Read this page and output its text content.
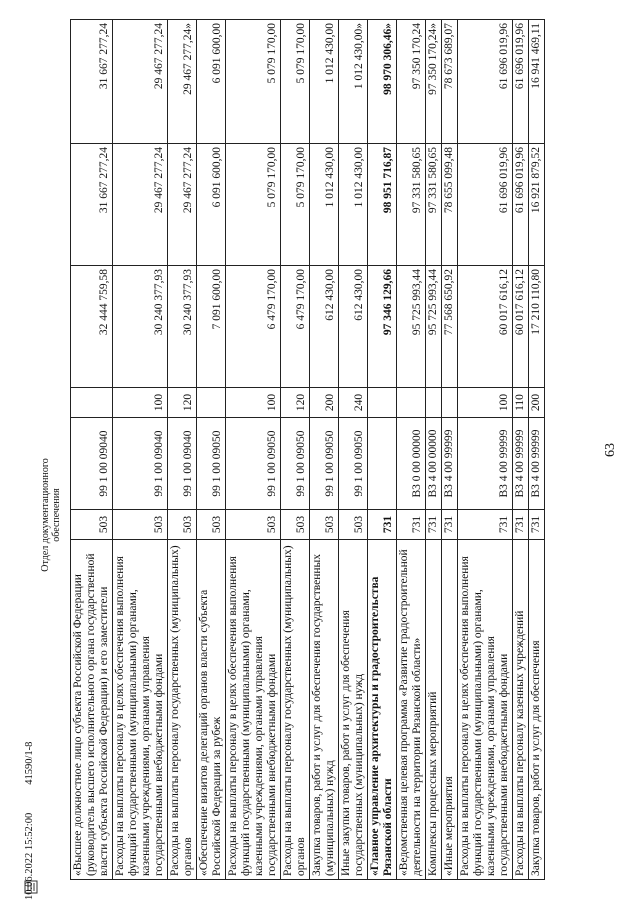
63
«Высшее должностное лицо субъекта Российской Федерации (руководитель высшего исполнительного органа государственной власти субъекта Российской Федерации) и его заместители	503	99 1 00 09040		32 444 759,58	31 667 277,24	31 667 277,24
Расходы на выплаты персоналу в целях обеспечения выполнения функций государственными (муниципальными) органами, казенными учреждениями, органами управления государственными внебюджетными фондами	503	99 1 00 09040	100	30 240 377,93	29 467 277,24	29 467 277,24
Расходы на выплаты персоналу государственных (муниципальных) органов	503	99 1 00 09040	120	30 240 377,93	29 467 277,24	29 467 277,24»
«Обеспечение визитов делегаций органов власти субъекта Российской Федерации за рубеж	503	99 1 00 09050		7 091 600,00	6 091 600,00	6 091 600,00
Расходы на выплаты персоналу в целях обеспечения выполнения функций государственными (муниципальными) органами, казенными учреждениями, органами управления государственными внебюджетными фондами	503	99 1 00 09050	100	6 479 170,00	5 079 170,00	5 079 170,00
Расходы на выплаты персоналу государственных (муниципальных) органов	503	99 1 00 09050	120	6 479 170,00	5 079 170,00	5 079 170,00
Закупка товаров, работ и услуг для обеспечения государственных (муниципальных) нужд	503	99 1 00 09050	200	612 430,00	1 012 430,00	1 012 430,00
Иные закупки товаров, работ и услуг для обеспечения государственных (муниципальных) нужд	503	99 1 00 09050	240	612 430,00	1 012 430,00	1 012 430,00»
«Главное управление архитектуры и градостроительства Рязанской области	731			97 346 129,66	98 951 716,87	98 970 306,46»
«Ведомственная целевая программа «Развитие градостроительной деятельности на территории Рязанской области»	731	В3 0 00 00000		95 725 993,44	97 331 580,65	97 350 170,24
Комплексы процессных мероприятий	731	В3 4 00 00000		95 725 993,44	97 331 580,65	97 350 170,24»
«Иные мероприятия	731	В3 4 00 99999		77 568 650,92	78 655 099,48	78 673 689,07
Расходы на выплаты персоналу в целях обеспечения выполнения функций государственными (муниципальными) органами, казенными учреждениями, органами управления государственными внебюджетными фондами	731	В3 4 00 99999	100	60 017 616,12	61 696 019,96	61 696 019,96
Расходы на выплаты персоналу казенных учреждений	731	В3 4 00 99999	110	60 017 616,12	61 696 019,96	61 696 019,96
Закупка товаров, работ и услуг для обеспечения	731	В3 4 00 99999	200	17 210 110,80	16 921 879,52	16 941 469,11
Отдел документационного обеспечения
10.06.2022 15:52:00
41590/1-8
